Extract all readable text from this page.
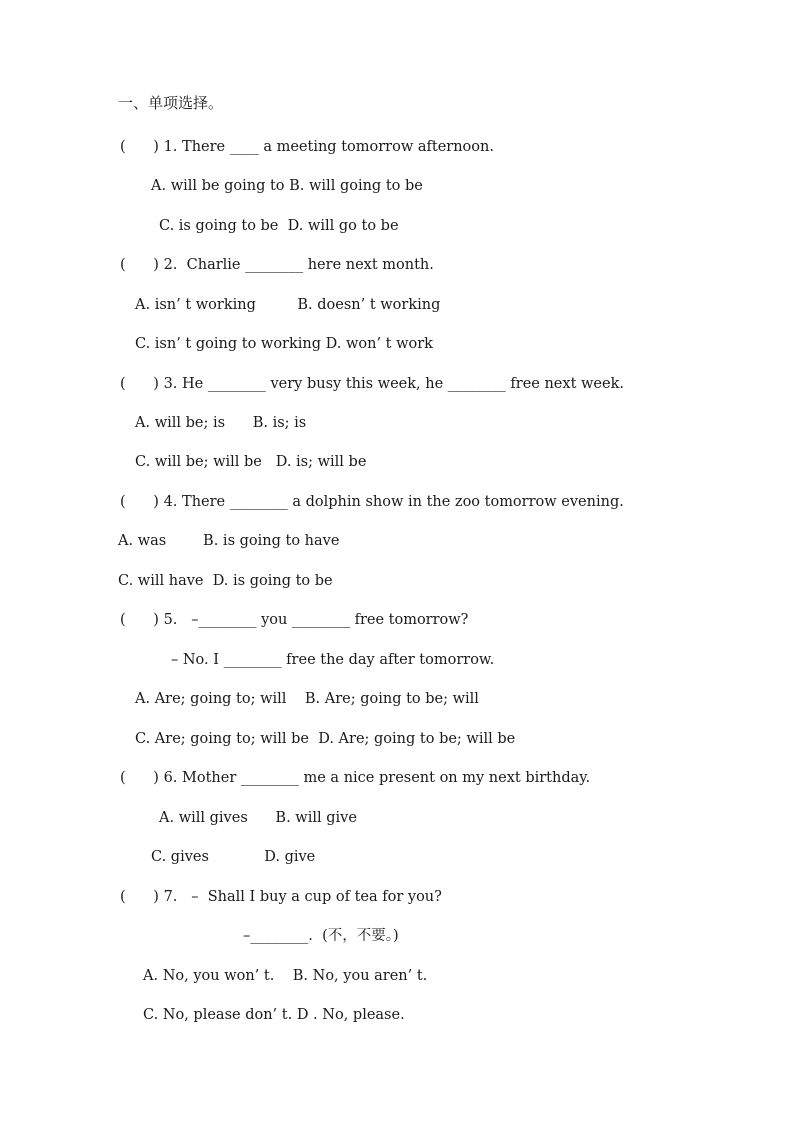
一、单项选择。

(      ) 1. There ____ a meeting tomorrow afternoon.

A. will be going to B. will going to be

C. is going to be  D. will go to be

(      ) 2.  Charlie ________ here next month.

A. isn’ t working         B. doesn’ t working

C. isn’ t going to working D. won’ t work

(      ) 3. He ________ very busy this week, he ________ free next week.

A. will be; is      B. is; is

C. will be; will be   D. is; will be

(      ) 4. There ________ a dolphin show in the zoo tomorrow evening.

A. was        B. is going to have

C. will have  D. is going to be

(      ) 5.   –________ you ________ free tomorrow?

– No. I ________ free the day after tomorrow.

A. Are; going to; will    B. Are; going to be; will

C. Are; going to; will be  D. Are; going to be; will be

(      ) 6. Mother ________ me a nice present on my next birthday.

A. will gives      B. will give

C. gives            D. give

(      ) 7.   –  Shall I buy a cup of tea for you?

–________.  (不，不要。)

A. No, you won’ t.    B. No, you aren’ t.

C. No, please don’ t. D . No, please.
